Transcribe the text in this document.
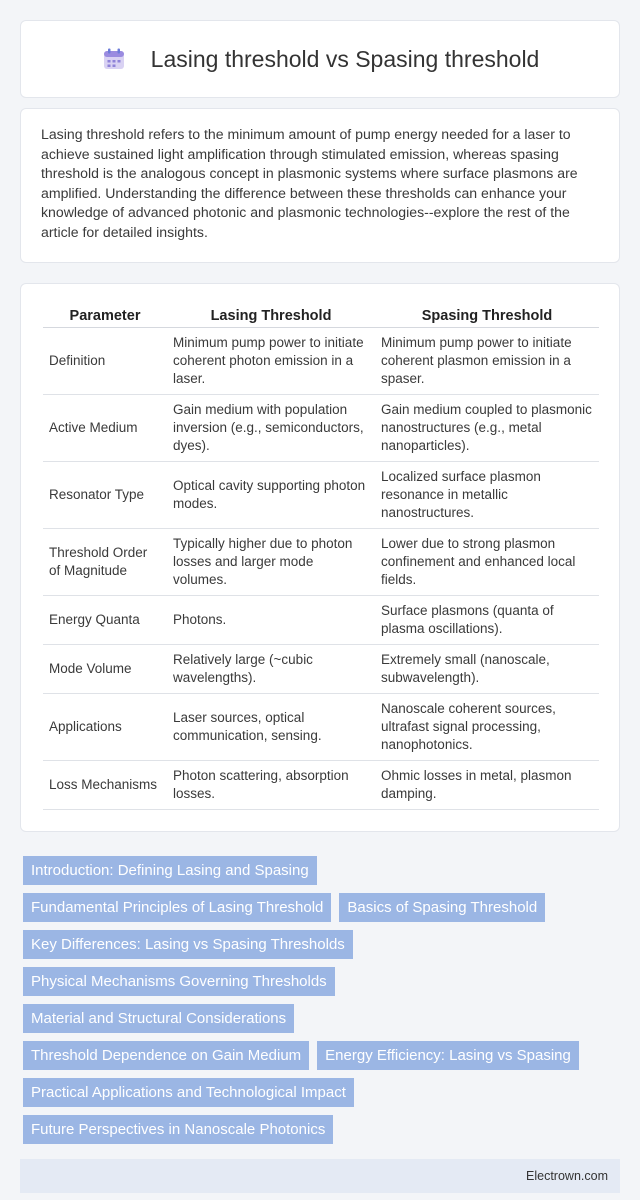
Lasing threshold vs Spasing threshold

Lasing threshold refers to the minimum amount of pump energy needed for a laser to achieve sustained light amplification through stimulated emission, whereas spasing threshold is the analogous concept in plasmonic systems where surface plasmons are amplified. Understanding the difference between these thresholds can enhance your knowledge of advanced photonic and plasmonic technologies--explore the rest of the article for detailed insights.

Parameter	Lasing Threshold	Spasing Threshold
Definition	Minimum pump power to initiate coherent photon emission in a laser.	Minimum pump power to initiate coherent plasmon emission in a spaser.
Active Medium	Gain medium with population inversion (e.g., semiconductors, dyes).	Gain medium coupled to plasmonic nanostructures (e.g., metal nanoparticles).
Resonator Type	Optical cavity supporting photon modes.	Localized surface plasmon resonance in metallic nanostructures.
Threshold Order of Magnitude	Typically higher due to photon losses and larger mode volumes.	Lower due to strong plasmon confinement and enhanced local fields.
Energy Quanta	Photons.	Surface plasmons (quanta of plasma oscillations).
Mode Volume	Relatively large (~cubic wavelengths).	Extremely small (nanoscale, subwavelength).
Applications	Laser sources, optical communication, sensing.	Nanoscale coherent sources, ultrafast signal processing, nanophotonics.
Loss Mechanisms	Photon scattering, absorption losses.	Ohmic losses in metal, plasmon damping.
Introduction: Defining Lasing and Spasing
Fundamental Principles of Lasing Threshold	Basics of Spasing Threshold
Key Differences: Lasing vs Spasing Thresholds
Physical Mechanisms Governing Thresholds
Material and Structural Considerations
Threshold Dependence on Gain Medium	Energy Efficiency: Lasing vs Spasing
Practical Applications and Technological Impact
Future Perspectives in Nanoscale Photonics
Electrown.com
